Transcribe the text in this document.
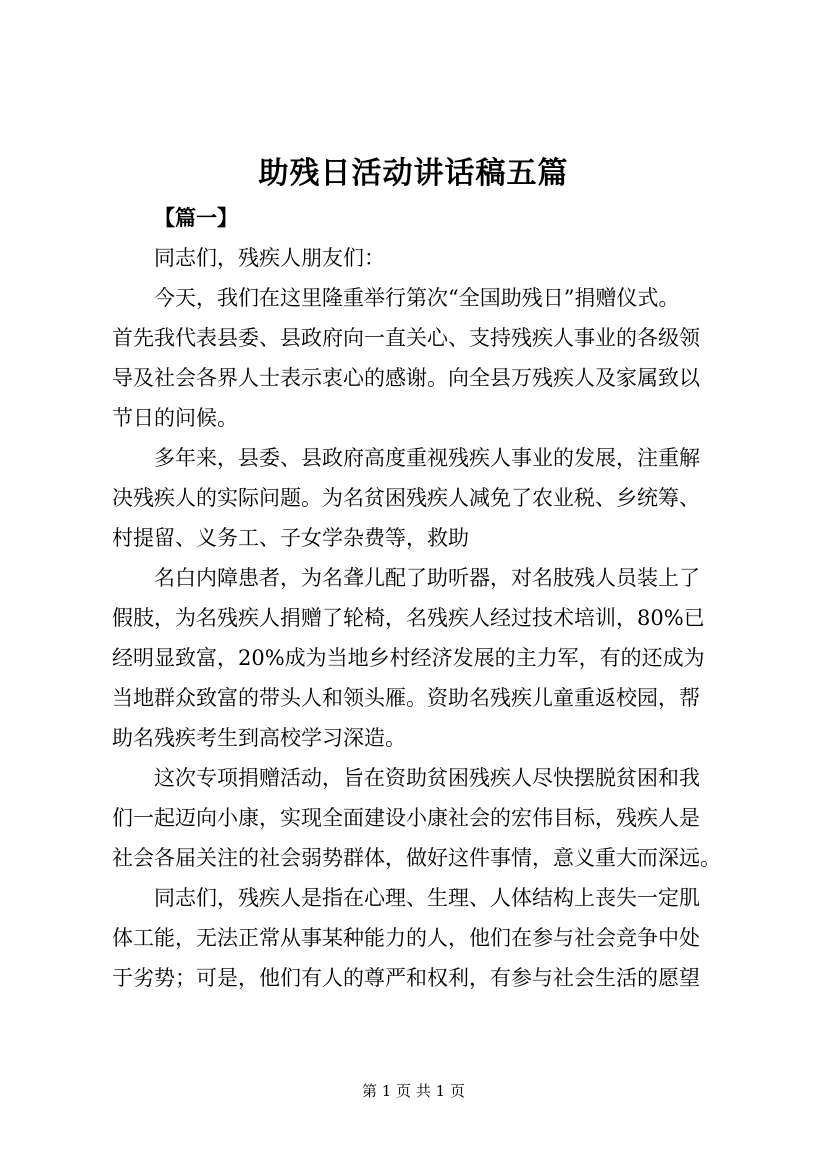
助残日活动讲话稿五篇
【篇一】
同志们，残疾人朋友们：
今天，我们在这里隆重举行第次“全国助残日”捐赠仪式。
首先我代表县委、县政府向一直关心、支持残疾人事业的各级领
导及社会各界人士表示衷心的感谢。向全县万残疾人及家属致以
节日的问候。
多年来，县委、县政府高度重视残疾人事业的发展，注重解
决残疾人的实际问题。为名贫困残疾人减免了农业税、乡统筹、
村提留、义务工、子女学杂费等，救助
名白内障患者，为名聋儿配了助听器，对名肢残人员装上了
假肢，为名残疾人捐赠了轮椅，名残疾人经过技术培训，80%已
经明显致富，20%成为当地乡村经济发展的主力军，有的还成为
当地群众致富的带头人和领头雁。资助名残疾儿童重返校园，帮
助名残疾考生到高校学习深造。
这次专项捐赠活动，旨在资助贫困残疾人尽快摆脱贫困和我
们一起迈向小康，实现全面建设小康社会的宏伟目标，残疾人是
社会各届关注的社会弱势群体，做好这件事情，意义重大而深远。
同志们，残疾人是指在心理、生理、人体结构上丧失一定肌
体工能，无法正常从事某种能力的人，他们在参与社会竞争中处
于劣势；可是，他们有人的尊严和权利，有参与社会生活的愿望
第 1 页 共 1 页
